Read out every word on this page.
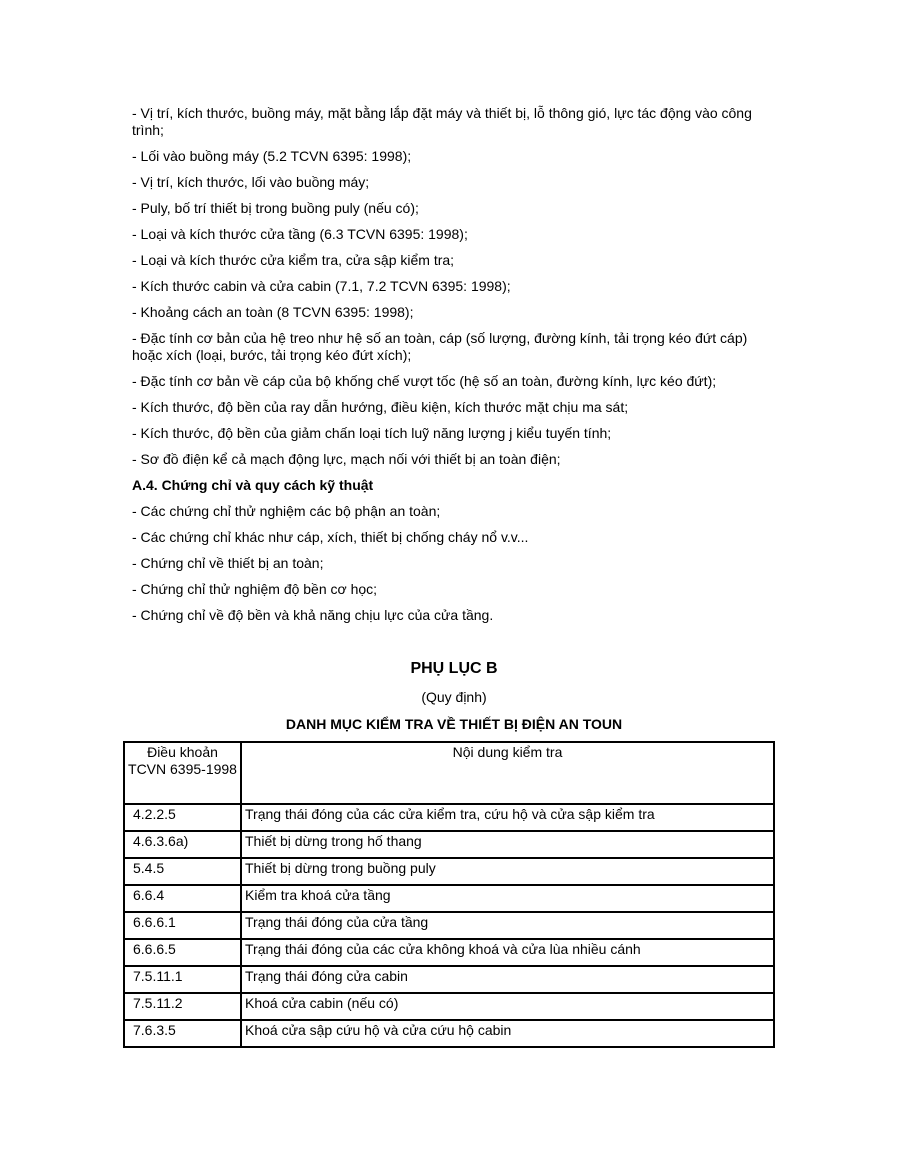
- Vị trí, kích thước, buồng máy, mặt bằng lắp đặt máy và thiết bị, lỗ thông gió, lực tác động vào công trình;

- Lối vào buồng máy (5.2 TCVN 6395: 1998);

- Vị trí, kích thước, lối vào buồng máy;

- Puly, bố trí thiết bị trong buồng puly (nếu có);

- Loại và kích thước cửa tầng (6.3 TCVN 6395: 1998);

- Loại và kích thước cửa kiểm tra, cửa sập kiểm tra;

- Kích thước cabin và cửa cabin (7.1, 7.2 TCVN 6395: 1998);

- Khoảng cách an toàn (8 TCVN 6395: 1998);

- Đặc tính cơ bản của hệ treo như hệ số an toàn, cáp (số lượng, đường kính, tải trọng kéo đứt cáp) hoặc xích (loại, bước, tải trọng kéo đứt xích);

- Đặc tính cơ bản về cáp của bộ khống chế vượt tốc (hệ số an toàn, đường kính, lực kéo đứt);

- Kích thước, độ bền của ray dẫn hướng, điều kiện, kích thước mặt chịu ma sát;

- Kích thước, độ bền của giảm chấn loại tích luỹ năng lượng j kiểu tuyến tính;

- Sơ đồ điện kể cả mạch động lực, mạch nối với thiết bị an toàn điện;

A.4. Chứng chỉ và quy cách kỹ thuật

- Các chứng chỉ thử nghiệm các bộ phận an toàn;

- Các chứng chỉ khác như cáp, xích, thiết bị chống cháy nổ v.v...

- Chứng chỉ về thiết bị an toàn;

- Chứng chỉ thử nghiệm độ bền cơ học;

- Chứng chỉ về độ bền và khả năng chịu lực của cửa tầng.

PHỤ LỤC B
(Quy định)
DANH MỤC KIỂM TRA VỀ THIẾT BỊ ĐIỆN AN TOUN
Điều khoản TCVN 6395-1998	Nội dung kiểm tra
4.2.2.5	Trạng thái đóng của các cửa kiểm tra, cứu hộ và cửa sập kiểm tra
4.6.3.6a)	Thiết bị dừng trong hố thang
5.4.5	Thiết bị dừng trong buồng puly
6.6.4	Kiểm tra khoá cửa tầng
6.6.6.1	Trạng thái đóng của cửa tầng
6.6.6.5	Trạng thái đóng của các cửa không khoá và cửa lùa nhiều cánh
7.5.11.1	Trạng thái đóng cửa cabin
7.5.11.2	Khoá cửa cabin (nếu có)
7.6.3.5	Khoá cửa sập cứu hộ và cửa cứu hộ cabin
